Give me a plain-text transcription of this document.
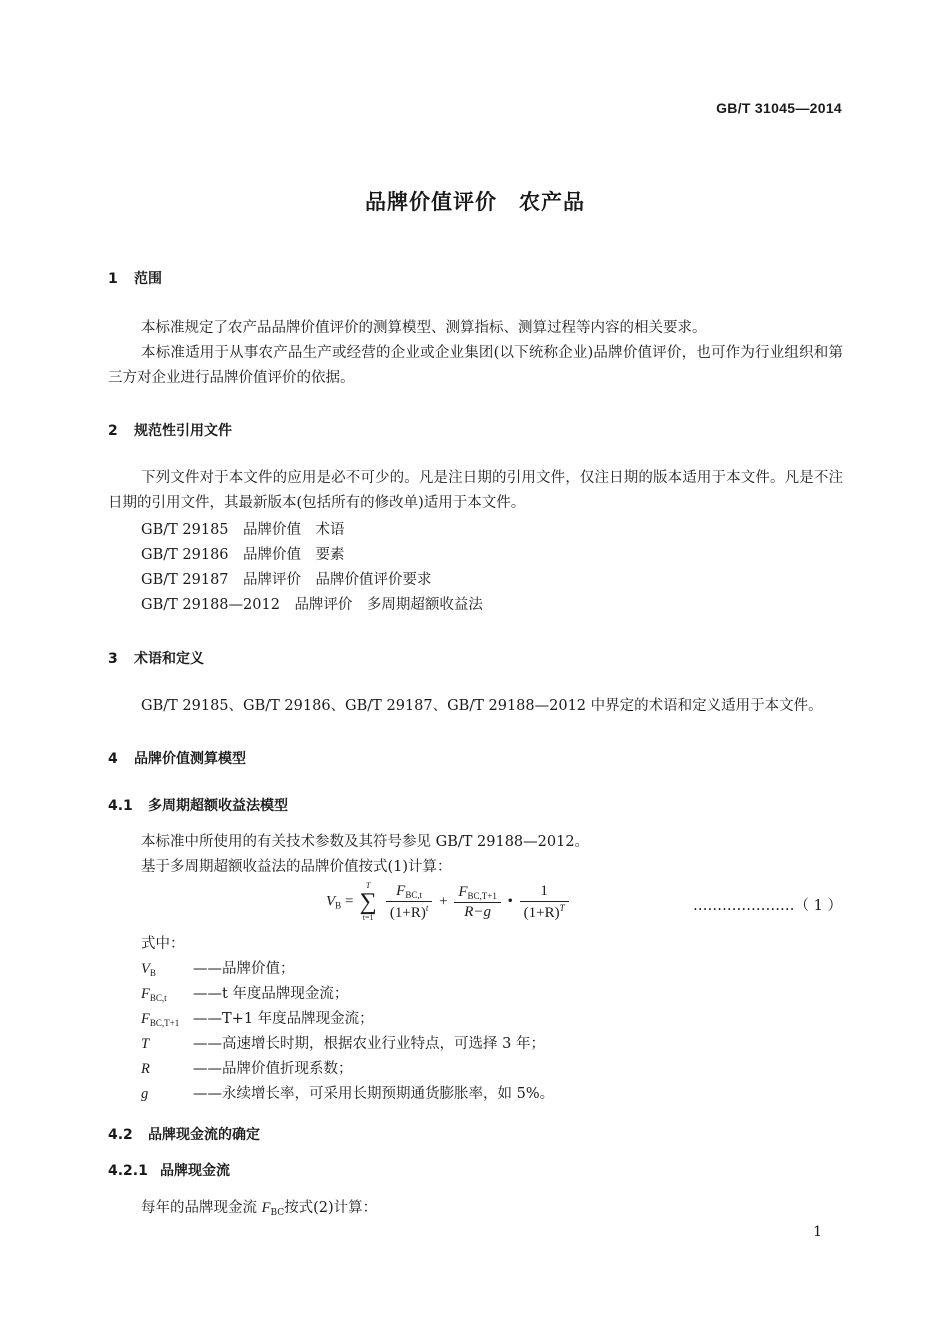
GB/T 31045—2014
品牌价值评价　农产品
1 范围
本标准规定了农产品品牌价值评价的测算模型、测算指标、测算过程等内容的相关要求。
本标准适用于从事农产品生产或经营的企业或企业集团(以下统称企业)品牌价值评价，也可作为行业组织和第三方对企业进行品牌价值评价的依据。
2 规范性引用文件
下列文件对于本文件的应用是必不可少的。凡是注日期的引用文件，仅注日期的版本适用于本文件。凡是不注日期的引用文件，其最新版本(包括所有的修改单)适用于本文件。
GB/T 29185　 品牌价值　术语
GB/T 29186　 品牌价值　要素
GB/T 29187　 品牌评价　品牌价值评价要求
GB/T 29188—2012　 品牌评价　多周期超额收益法
3 术语和定义
GB/T 29185、GB/T 29186、GB/T 29187、GB/T 29188—2012 中界定的术语和定义适用于本文件。
4 品牌价值测算模型
4.1 多周期超额收益法模型
本标准中所使用的有关技术参数及其符号参见 GB/T 29188—2012。
基于多周期超额收益法的品牌价值按式(1)计算：
$V_B$ =
T
∑
t=1
$\frac{F_{BC,t}}{(1+R)^t} + \frac{F_{BC,T+1}}{R-g}$ • $\frac{1}{(1+R)^T}$	…………………（ 1 ）
式中：
$V_B$	——品牌价值；
$F_{BC,t}$ ——t 年度品牌现金流；
$F_{BC,T+1}$ ——T+1 年度品牌现金流；
T	——高速增长时期，根据农业行业特点，可选择 3 年；
R	——品牌价值折现系数；
g	——永续增长率，可采用长期预期通货膨胀率，如 5%。
4.2 品牌现金流的确定
4.2.1 品牌现金流
每年的品牌现金流 $F_{BC}$按式(2)计算：
1
